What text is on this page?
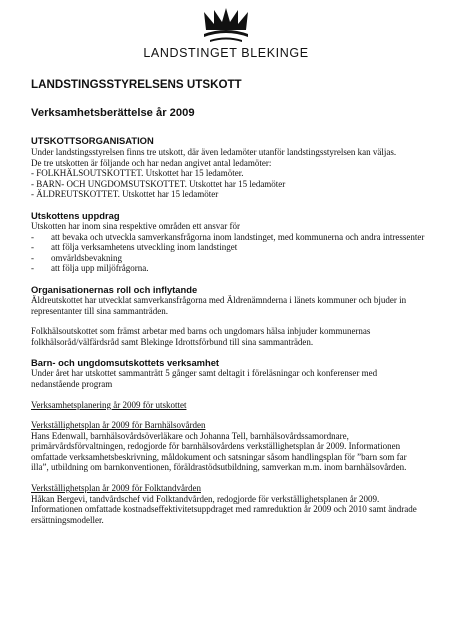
LANDSTINGET BLEKINGE

LANDSTINGSSTYRELSENS UTSKOTT

Verksamhetsberättelse år 2009

UTSKOTTSORGANISATION

Under landstingsstyrelsen finns tre utskott, där även ledamöter utanför landstingsstyrelsen kan väljas.

De tre utskotten är följande och har nedan angivet antal ledamöter:

- FOLKHÄLSOUTSKOTTET. Utskottet har 15 ledamöter.

- BARN- OCH UNGDOMSUTSKOTTET. Utskottet har 15 ledamöter

- ÄLDREUTSKOTTET. Utskottet har 15 ledamöter

Utskottens uppdrag

Utskotten har inom sina respektive områden ett ansvar för

- att bevaka och utveckla samverkansfrågorna inom landstinget, med kommunerna och andra intressenter
- att följa verksamhetens utveckling inom landstinget
- omvärldsbevakning
- att följa upp miljöfrågorna.

Organisationernas roll och inflytande

Äldreutskottet har utvecklat samverkansfrågorna med Äldrenämnderna i länets kommuner och bjuder in representanter till sina sammanträden.

Folkhälsoutskottet som främst arbetar med barns och ungdomars hälsa inbjuder kommunernas folkhälsoråd/välfärdsråd samt Blekinge Idrottsförbund till sina sammanträden.

Barn- och ungdomsutskottets verksamhet

Under året har utskottet sammanträtt 5 gånger samt deltagit i föreläsningar och konferenser med nedanstående program

Verksamhetsplanering år 2009 för utskottet

Verkställighetsplan år 2009 för Barnhälsovården

Hans Edenwall, barnhälsovårdsöverläkare och Johanna Tell, barnhälsovårdssamordnare, primärvårdsförvaltningen, redogjorde för barnhälsovårdens verkställighetsplan år 2009. Informationen omfattade verksamhetsbeskrivning, måldokument och satsningar såsom handlingsplan för ”barn som far illa”, utbildning om barnkonventionen, föräldrastödsutbildning, samverkan m.m. inom barnhälsovården.

Verkställighetsplan år 2009 för Folktandvården

Håkan Bergevi, tandvårdschef vid Folktandvården, redogjorde för verkställighetsplanen år 2009. Informationen omfattade kostnadseffektivitetsuppdraget med ramreduktion år 2009 och 2010 samt ändrade ersättningsmodeller.
